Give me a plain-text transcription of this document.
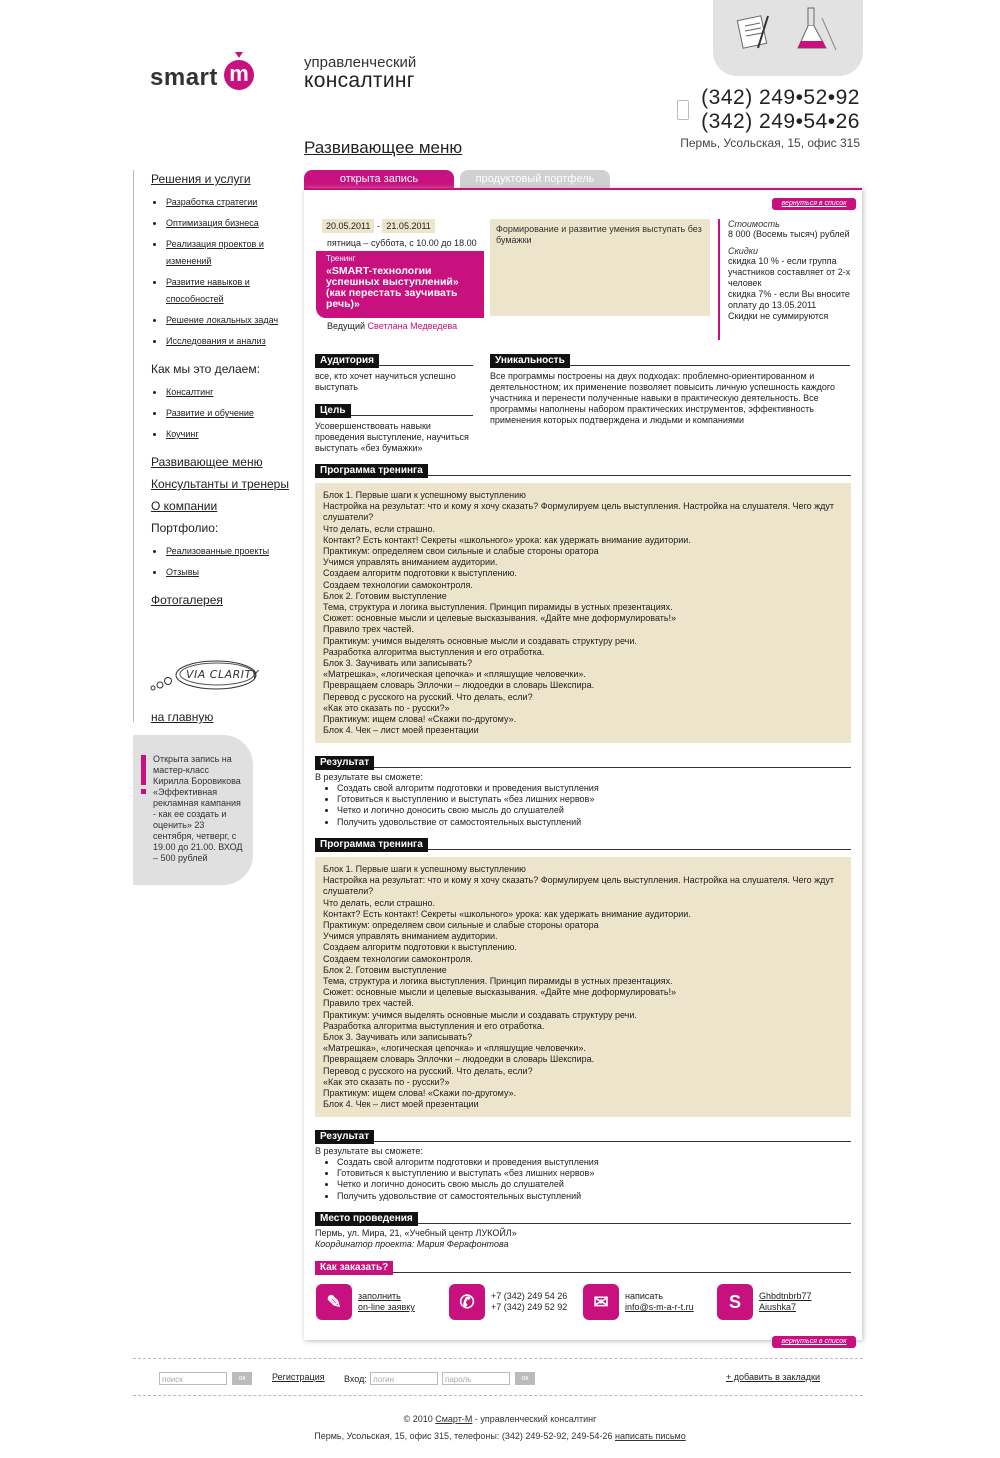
smart m	управленческий
консалтинг
(342) 249•52•92
(342) 249•54•26
Пермь, Усольская, 15, офис 315
Решения и услуги
Разработка стратегии
Оптимизация бизнеса
Реализация проектов и изменений
Развитие навыков и способностей
Решение локальных задач
Исследования и анализ
Как мы это делаем:
Консалтинг
Развитие и обучение
Коучинг
Развивающее меню
Консультанты и тренеры
О компании
Портфолио:
Реализованные проекты
Отзывы
Фотогалерея
VIA CLARITY
на главную
Открыта запись на мастер-класс Кирилла Боровикова «Эффективная рекламная кампания - как ее создать и оценить» 23 сентября, четверг, с 19.00 до 21.00. ВХОД – 500 рублей
Развивающее меню
открыта запись	продуктовый портфель
вернуться в список
20.05.2011 - 21.05.2011
пятница – суббота, с 10.00 до 18.00
Тренинг
«SMART-технологии успешных выступлений» (как перестать заучивать речь)»
Ведущий Светлана Медведева
Формирование и развитие умения выступать без бумажки
Стоимость
8 000 (Восемь тысяч) рублей
Скидки
скидка 10 % - если группа участников составляет от 2-х человек
скидка 7% - если Вы вносите оплату до 13.05.2011
Скидки не суммируются
Аудитория
все, кто хочет научиться успешно выступать
Цель
Усовершенствовать навыки проведения выступление, научиться выступать «без бумажки»
Уникальность
Все программы построены на двух подходах: проблемно-ориентированном и деятельностном; их применение позволяет повысить личную успешность каждого участника и перенести полученные навыки в практическую деятельность. Все программы наполнены набором практических инструментов, эффективность применения которых подтверждена и людьми и компаниями
Программа тренинга
Блок 1. Первые шаги к успешному выступлению
Настройка на результат: что и кому я хочу сказать? Формулируем цель выступления. Настройка на слушателя. Чего ждут слушатели?
Что делать, если страшно.
Контакт? Есть контакт! Секреты «школьного» урока: как удержать внимание аудитории.
Практикум: определяем свои сильные и слабые стороны оратора
Учимся управлять вниманием аудитории.
Создаем алгоритм подготовки к выступлению.
Создаем технологии самоконтроля.
Блок 2. Готовим выступление
Тема, структура и логика выступления. Принцип пирамиды в устных презентациях.
Сюжет: основные мысли и целевые высказывания. «Дайте мне доформулировать!»
Правило трех частей.
Практикум: учимся выделять основные мысли и создавать структуру речи.
Разработка алгоритма выступления и его отработка.
Блок 3. Заучивать или записывать?
«Матрешка», «логическая цепочка» и «пляшущие человечки».
Превращаем словарь Эллочки – людоедки в словарь Шекспира.
Перевод с русского на русский. Что делать, если?
«Как это сказать по - русски?»
Практикум: ищем слова! «Скажи по-другому».
Блок 4. Чек – лист моей презентации
Результат
В результате вы сможете:
• Создать свой алгоритм подготовки и проведения выступления
• Готовиться к выступлению и выступать «без лишних нервов»
• Четко и логично доносить свою мысль до слушателей
• Получить удовольствие от самостоятельных выступлений
Программа тренинга
Блок 1. Первые шаги к успешному выступлению
Настройка на результат: что и кому я хочу сказать? Формулируем цель выступления. Настройка на слушателя. Чего ждут слушатели?
Что делать, если страшно.
Контакт? Есть контакт! Секреты «школьного» урока: как удержать внимание аудитории.
Практикум: определяем свои сильные и слабые стороны оратора
Учимся управлять вниманием аудитории.
Создаем алгоритм подготовки к выступлению.
Создаем технологии самоконтроля.
Блок 2. Готовим выступление
Тема, структура и логика выступления. Принцип пирамиды в устных презентациях.
Сюжет: основные мысли и целевые высказывания. «Дайте мне доформулировать!»
Правило трех частей.
Практикум: учимся выделять основные мысли и создавать структуру речи.
Разработка алгоритма выступления и его отработка.
Блок 3. Заучивать или записывать?
«Матрешка», «логическая цепочка» и «пляшущие человечки».
Превращаем словарь Эллочки – людоедки в словарь Шекспира.
Перевод с русского на русский. Что делать, если?
«Как это сказать по - русски?»
Практикум: ищем слова! «Скажи по-другому».
Блок 4. Чек – лист моей презентации
Результат
В результате вы сможете:
• Создать свой алгоритм подготовки и проведения выступления
• Готовиться к выступлению и выступать «без лишних нервов»
• Четко и логично доносить свою мысль до слушателей
• Получить удовольствие от самостоятельных выступлений
Место проведения
Пермь, ул. Мира, 21, «Учебный центр ЛУКОЙЛ»
Координатор проекта: Мария Ферафонтова
Как заказать?
✎	заполнить
on-line заявку	✆	+7 (342) 249 54 26
+7 (342) 249 52 92	✉	написать
info@s-m-a-r-t.ru	S	Ghbdtnbrb77
Aiushka7
вернуться в список
поиск	ок	Регистрация Вход: логин	пароль	ок	+ добавить в закладки
© 2010 Смарт-М - управленческий консалтинг
Пермь, Усольская, 15, офис 315, телефоны: (342) 249-52-92, 249-54-26 написать письмо
